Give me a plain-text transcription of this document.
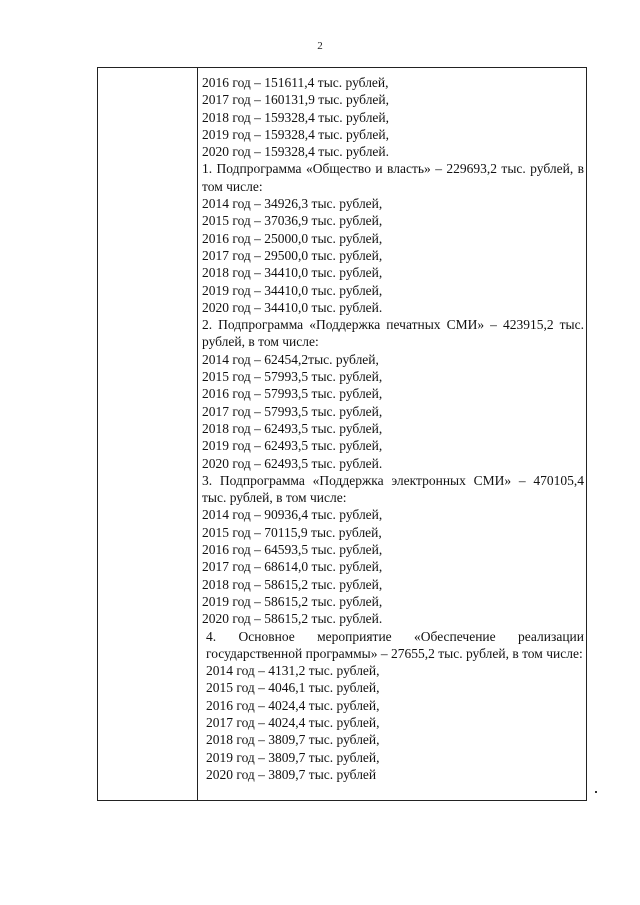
2
2016 год – 151611,4 тыс. рублей,
2017 год – 160131,9 тыс. рублей,
2018 год – 159328,4 тыс. рублей,
2019 год – 159328,4 тыс. рублей,
2020 год – 159328,4 тыс. рублей.
1. Подпрограмма «Общество и власть» – 229693,2 тыс. рублей, в том числе:
2014 год – 34926,3 тыс. рублей,
2015 год – 37036,9 тыс. рублей,
2016 год – 25000,0 тыс. рублей,
2017 год – 29500,0 тыс. рублей,
2018 год – 34410,0 тыс. рублей,
2019 год – 34410,0 тыс. рублей,
2020 год – 34410,0 тыс. рублей.
2. Подпрограмма «Поддержка печатных СМИ» – 423915,2 тыс. рублей, в том числе:
2014 год – 62454,2тыс. рублей,
2015 год – 57993,5 тыс. рублей,
2016 год – 57993,5 тыс. рублей,
2017 год – 57993,5 тыс. рублей,
2018 год – 62493,5 тыс. рублей,
2019 год – 62493,5 тыс. рублей,
2020 год – 62493,5 тыс. рублей.
3. Подпрограмма «Поддержка электронных СМИ» – 470105,4 тыс. рублей, в том числе:
2014 год – 90936,4 тыс. рублей,
2015 год – 70115,9 тыс. рублей,
2016 год – 64593,5 тыс. рублей,
2017 год – 68614,0 тыс. рублей,
2018 год – 58615,2 тыс. рублей,
2019 год – 58615,2 тыс. рублей,
2020 год – 58615,2 тыс. рублей.
4. Основное мероприятие «Обеспечение реализации государственной программы» – 27655,2 тыс. рублей, в том числе:
2014 год – 4131,2 тыс. рублей,
2015 год – 4046,1 тыс. рублей,
2016 год – 4024,4 тыс. рублей,
2017 год – 4024,4 тыс. рублей,
2018 год – 3809,7 тыс. рублей,
2019 год – 3809,7 тыс. рублей,
2020 год – 3809,7 тыс. рублей
